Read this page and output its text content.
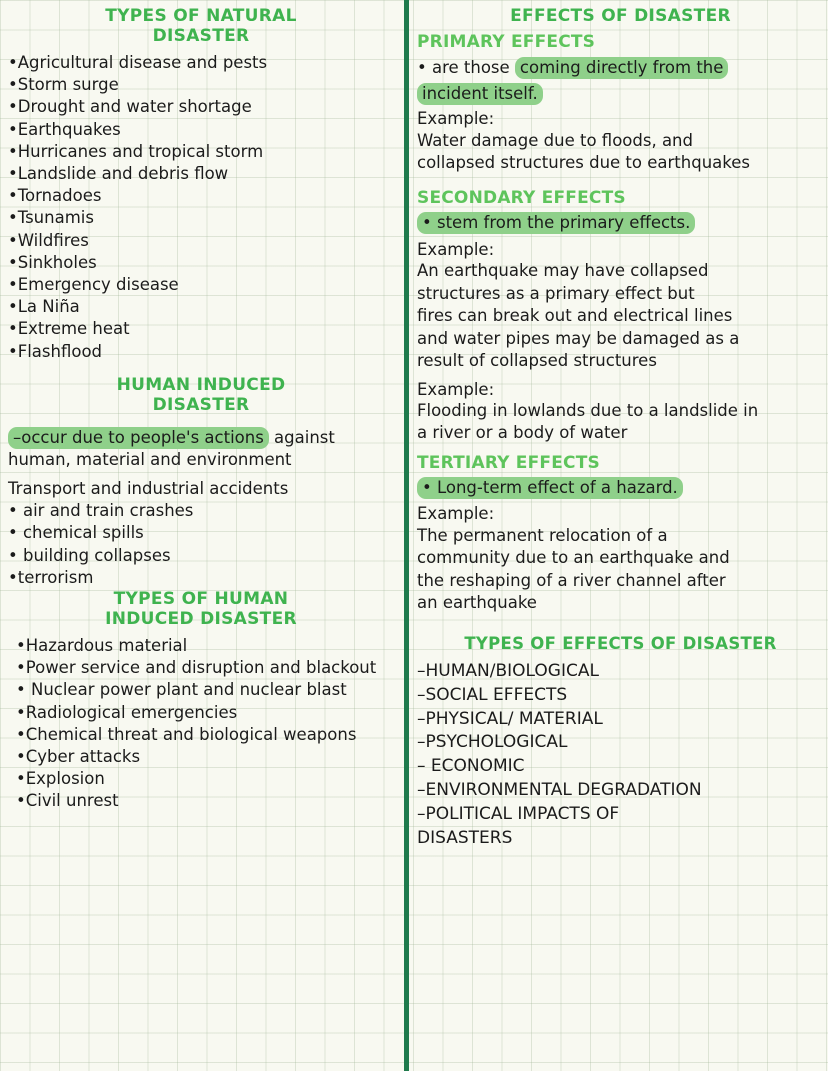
TYPES OF NATURAL
DISASTER
•Agricultural disease and pests
•Storm surge
•Drought and water shortage
•Earthquakes
•Hurricanes and tropical storm
•Landslide and debris flow
•Tornadoes
•Tsunamis
•Wildfires
•Sinkholes
•Emergency disease
•La Niña
•Extreme heat
•Flashflood
HUMAN INDUCED
DISASTER

–occur due to people's actions against

human, material and environment

Transport and industrial accidents

• air and train crashes
• chemical spills
• building collapses
•terrorism
TYPES OF HUMAN
INDUCED DISASTER
•Hazardous material
•Power service and disruption and blackout
• Nuclear power plant and nuclear blast
•Radiological emergencies
•Chemical threat and biological weapons
•Cyber attacks
•Explosion
•Civil unrest
EFFECTS OF DISASTER
PRIMARY EFFECTS

• are those coming directly from the
incident itself.

Example:

Water damage due to floods, and

collapsed structures due to earthquakes

SECONDARY EFFECTS

• stem from the primary effects.

Example:

An earthquake may have collapsed

structures as a primary effect but

fires can break out and electrical lines

and water pipes may be damaged as a

result of collapsed structures

Example:

Flooding in lowlands due to a landslide in

a river or a body of water

TERTIARY EFFECTS

• Long-term effect of a hazard.

Example:

The permanent relocation of a

community due to an earthquake and

the reshaping of a river channel after

an earthquake

TYPES OF EFFECTS OF DISASTER
–HUMAN/BIOLOGICAL
–SOCIAL EFFECTS
–PHYSICAL/ MATERIAL
–PSYCHOLOGICAL
– ECONOMIC
–ENVIRONMENTAL DEGRADATION
–POLITICAL IMPACTS OF
DISASTERS
